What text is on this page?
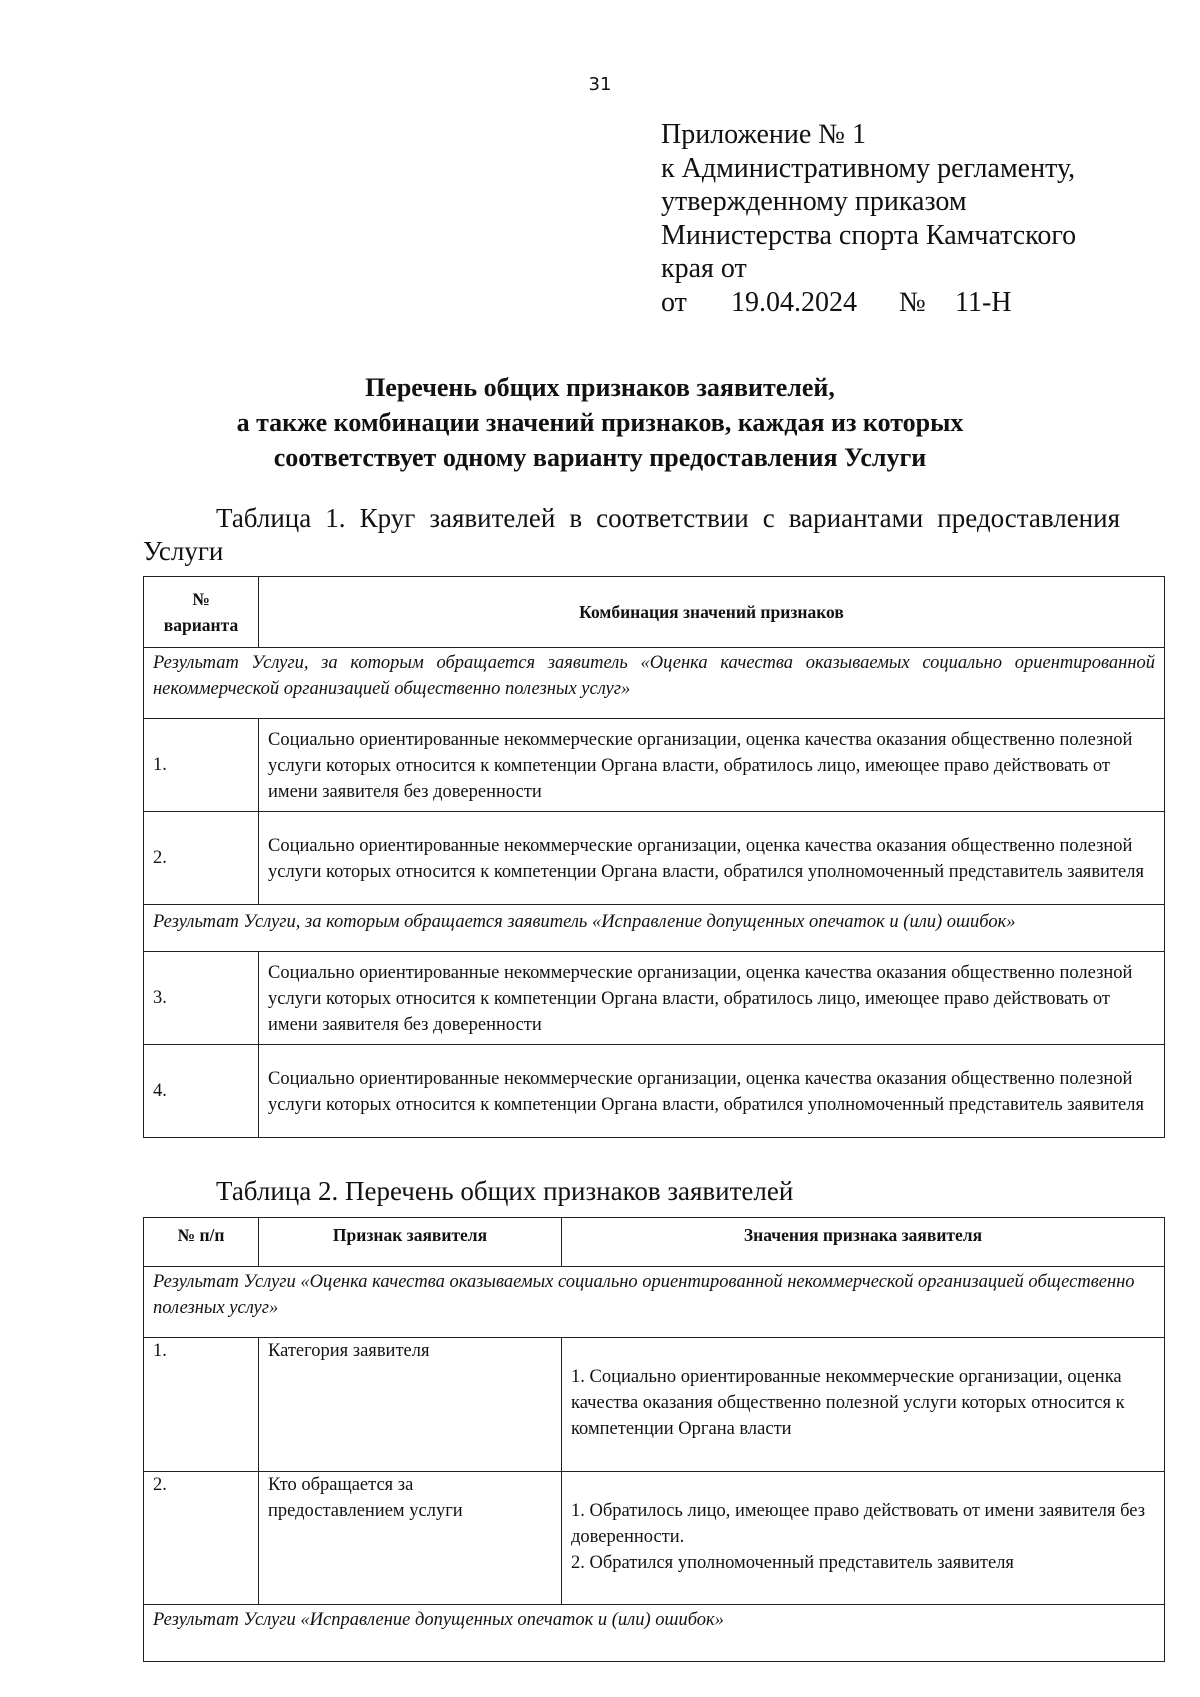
31
Приложение № 1
к Административному регламенту,
утвержденному приказом
Министерства спорта Камчатского
края от
от 19.04.2024 № 11-Н
Перечень общих признаков заявителей,
а также комбинации значений признаков, каждая из которых
соответствует одному варианту предоставления Услуги
Таблица 1. Круг заявителей в соответствии с вариантами предоставления Услуги
№
варианта	Комбинация значений признаков
Результат Услуги, за которым обращается заявитель «Оценка качества оказываемых социально ориентированной некоммерческой организацией общественно полезных услуг»	
1.	Социально ориентированные некоммерческие организации, оценка качества оказания общественно полезной услуги которых относится к компетенции Органа власти, обратилось лицо, имеющее право действовать от имени заявителя без доверенности
2.	Социально ориентированные некоммерческие организации, оценка качества оказания общественно полезной услуги которых относится к компетенции Органа власти, обратился уполномоченный представитель заявителя
Результат Услуги, за которым обращается заявитель «Исправление допущенных опечаток и (или) ошибок»	
3.	Социально ориентированные некоммерческие организации, оценка качества оказания общественно полезной услуги которых относится к компетенции Органа власти, обратилось лицо, имеющее право действовать от имени заявителя без доверенности
4.	Социально ориентированные некоммерческие организации, оценка качества оказания общественно полезной услуги которых относится к компетенции Органа власти, обратился уполномоченный представитель заявителя
Таблица 2. Перечень общих признаков заявителей
№ п/п	Признак заявителя	Значения признака заявителя
Результат Услуги «Оценка качества оказываемых социально ориентированной некоммерческой организацией общественно полезных услуг»		
1.	Категория заявителя	1. Социально ориентированные некоммерческие организации, оценка качества оказания общественно полезной услуги которых относится к компетенции Органа власти

2.	Кто обращается за предоставлением услуги	1. Обратилось лицо, имеющее право действовать от имени заявителя без доверенности.
2. Обратился уполномоченный представитель заявителя

Результат Услуги «Исправление допущенных опечаток и (или) ошибок»		
